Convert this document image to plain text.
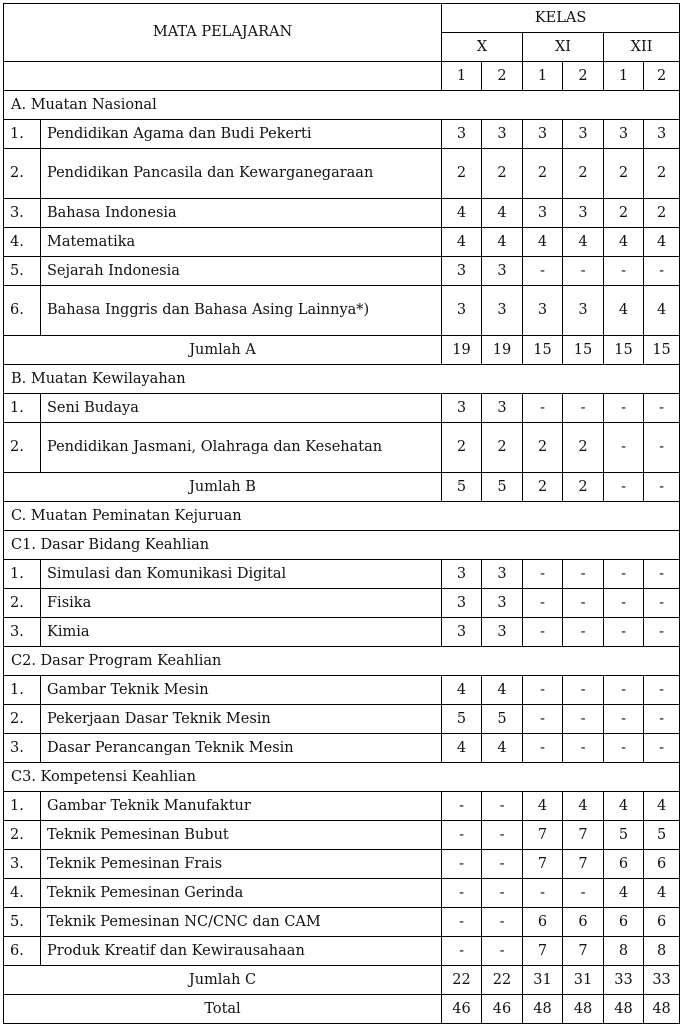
MATA PELAJARAN		KELAS					
		X		XI		XII	
		1	2	1	2	1	2
A. Muatan Nasional							
1.	Pendidikan Agama dan Budi Pekerti	3	3	3	3	3	3
2.	Pendidikan Pancasila dan Kewarganegaraan	2	2	2	2	2	2
3.	Bahasa Indonesia	4	4	3	3	2	2
4.	Matematika	4	4	4	4	4	4
5.	Sejarah Indonesia	3	3	-	-	-	-
6.	Bahasa Inggris dan Bahasa Asing Lainnya*)	3	3	3	3	4	4
Jumlah A		19	19	15	15	15	15
B. Muatan Kewilayahan							
1.	Seni Budaya	3	3	-	-	-	-
2.	Pendidikan Jasmani, Olahraga dan Kesehatan	2	2	2	2	-	-
Jumlah B		5	5	2	2	-	-
C. Muatan Peminatan Kejuruan							
C1. Dasar Bidang Keahlian							
1.	Simulasi dan Komunikasi Digital	3	3	-	-	-	-
2.	Fisika	3	3	-	-	-	-
3.	Kimia	3	3	-	-	-	-
C2. Dasar Program Keahlian							
1.	Gambar Teknik Mesin	4	4	-	-	-	-
2.	Pekerjaan Dasar Teknik Mesin	5	5	-	-	-	-
3.	Dasar Perancangan Teknik Mesin	4	4	-	-	-	-
C3. Kompetensi Keahlian							
1.	Gambar Teknik Manufaktur	-	-	4	4	4	4
2.	Teknik Pemesinan Bubut	-	-	7	7	5	5
3.	Teknik Pemesinan Frais	-	-	7	7	6	6
4.	Teknik Pemesinan Gerinda	-	-	-	-	4	4
5.	Teknik Pemesinan NC/CNC dan CAM	-	-	6	6	6	6
6.	Produk Kreatif dan Kewirausahaan	-	-	7	7	8	8
Jumlah C		22	22	31	31	33	33
Total		46	46	48	48	48	48
